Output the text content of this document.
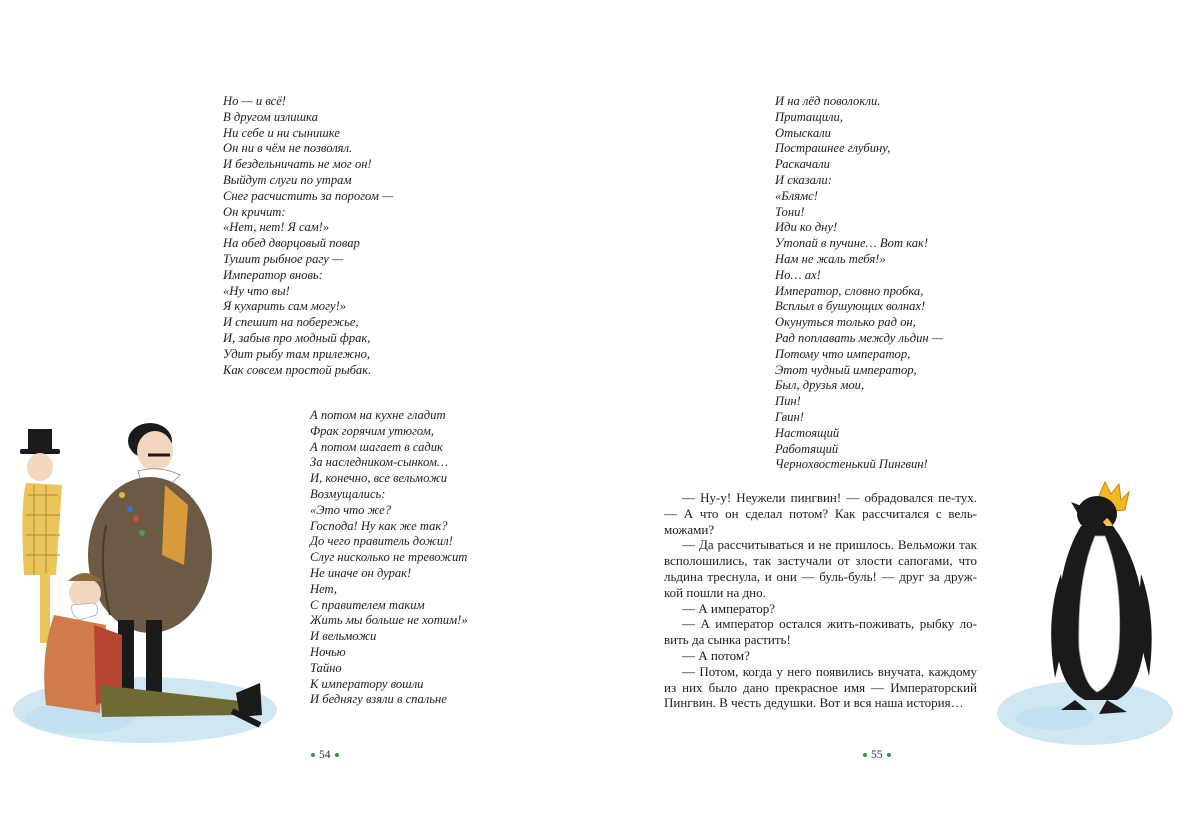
Но — и всё!
В другом излишка
Ни себе и ни сынишке
Он ни в чём не позволял.
И бездельничать не мог он!
Выйдут слуги по утрам
Снег расчистить за порогом —
Он кричит:
«Нет, нет! Я сам!»
На обед дворцовый повар
Тушит рыбное рагу —
Император вновь:
«Ну что вы!
Я кухарить сам могу!»
И спешит на побережье,
И, забыв про модный фрак,
Удит рыбу там прилежно,
Как совсем простой рыбак.
А потом на кухне гладит
Фрак горячим утюгом,
А потом шагает в садик
За наследником-сынком…
И, конечно, все вельможи
Возмущались:
«Это что же?
Господа! Ну как же так?
До чего правитель дожил!
Слуг нисколько не тревожит
Не иначе он дурак!
Нет,
С правителем таким
Жить мы больше не хотим!»
И вельможи
Ночью
Тайно
К императору вошли
И беднягу взяли в спальне
54
И на лёд поволокли.
Притащили,
Отыскали
Пострашнее глубину,
Раскачали
И сказали:
«Блямс!
Тони!
Иди ко дну!
Утопай в пучине… Вот как!
Нам не жаль тебя!»
Но… ах!
Император, словно пробка,
Всплыл в бушующих волнах!
Окунуться только рад он,
Рад поплавать между льдин —
Потому что император,
Этот чудный император,
Был, друзья мои,
Пин!
Гвин!
Настоящий
Работящий
Чернохвостенький Пингвин!
— Ну-у! Неужели пингвин! — обрадовался пе-тух. — А что он сделал потом? Как рассчитался с вель-можами?
— Да рассчитываться и не пришлось. Вельможи так всполошились, так застучали от злости сапогами, что льдина треснула, и они — буль-буль! — друг за друж-кой пошли на дно.
— А император?
— А император остался жить-поживать, рыбку ло-вить да сынка растить!
— А потом?
— Потом, когда у него появились внучата, каждому из них было дано прекрасное имя — Императорский Пингвин. В честь дедушки. Вот и вся наша история…
55
